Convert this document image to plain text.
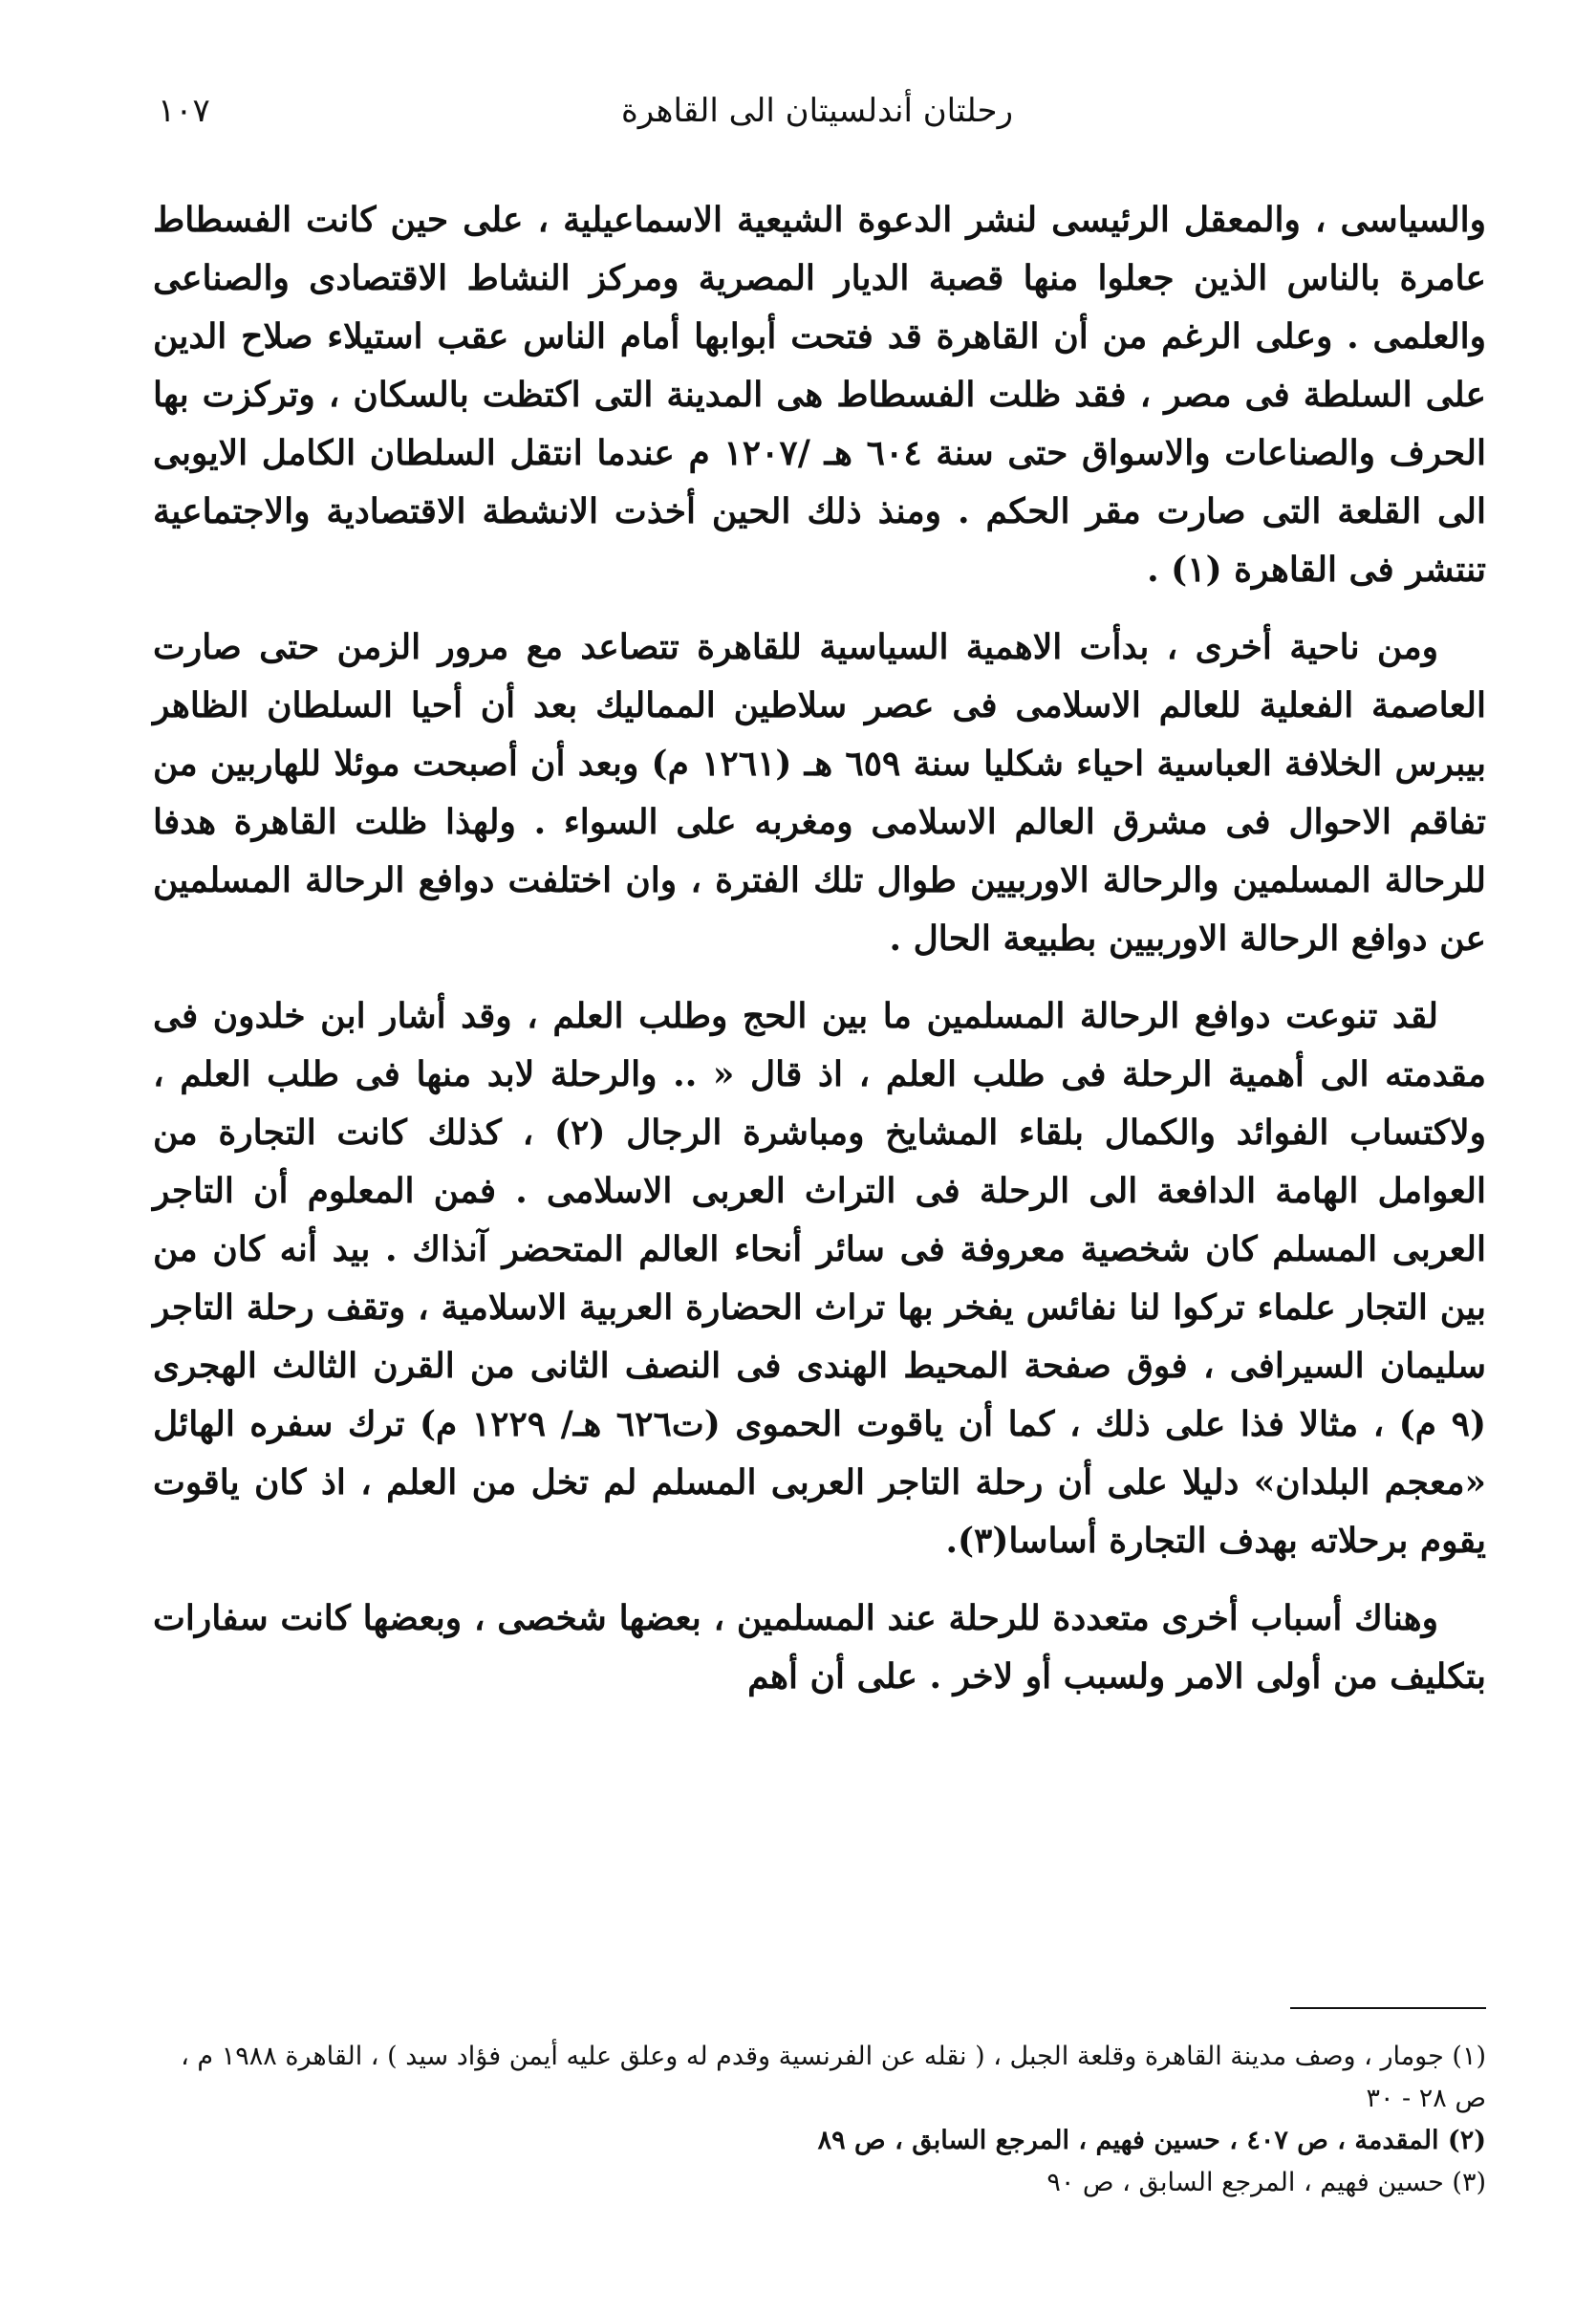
رحلتان أندلسيتان الى القاهرة
١٠٧

والسياسى ، والمعقل الرئيسى لنشر الدعوة الشيعية الاسماعيلية ، على حين كانت الفسطاط عامرة بالناس الذين جعلوا منها قصبة الديار المصرية ومركز النشاط الاقتصادى والصناعى والعلمى . وعلى الرغم من أن القاهرة قد فتحت أبوابها أمام الناس عقب استيلاء صلاح الدين على السلطة فى مصر ، فقد ظلت الفسطاط هى المدينة التى اكتظت بالسكان ، وتركزت بها الحرف والصناعات والاسواق حتى سنة ٦٠٤ هـ /١٢٠٧ م عندما انتقل السلطان الكامل الايوبى الى القلعة التى صارت مقر الحكم . ومنذ ذلك الحين أخذت الانشطة الاقتصادية والاجتماعية تنتشر فى القاهرة (١) .

ومن ناحية أخرى ، بدأت الاهمية السياسية للقاهرة تتصاعد مع مرور الزمن حتى صارت العاصمة الفعلية للعالم الاسلامى فى عصر سلاطين المماليك بعد أن أحيا السلطان الظاهر بيبرس الخلافة العباسية احياء شكليا سنة ٦٥٩ هـ (١٢٦١ م) وبعد أن أصبحت موئلا للهاربين من تفاقم الاحوال فى مشرق العالم الاسلامى ومغربه على السواء . ولهذا ظلت القاهرة هدفا للرحالة المسلمين والرحالة الاوربيين طوال تلك الفترة ، وان اختلفت دوافع الرحالة المسلمين عن دوافع الرحالة الاوربيين بطبيعة الحال .

لقد تنوعت دوافع الرحالة المسلمين ما بين الحج وطلب العلم ، وقد أشار ابن خلدون فى مقدمته الى أهمية الرحلة فى طلب العلم ، اذ قال « .. والرحلة لابد منها فى طلب العلم ، ولاكتساب الفوائد والكمال بلقاء المشايخ ومباشرة الرجال (٢) ، كذلك كانت التجارة من العوامل الهامة الدافعة الى الرحلة فى التراث العربى الاسلامى . فمن المعلوم أن التاجر العربى المسلم كان شخصية معروفة فى سائر أنحاء العالم المتحضر آنذاك . بيد أنه كان من بين التجار علماء تركوا لنا نفائس يفخر بها تراث الحضارة العربية الاسلامية ، وتقف رحلة التاجر سليمان السيرافى ، فوق صفحة المحيط الهندى فى النصف الثانى من القرن الثالث الهجرى (٩ م) ، مثالا فذا على ذلك ، كما أن ياقوت الحموى (ت٦٢٦ هـ/ ١٢٢٩ م) ترك سفره الهائل «معجم البلدان» دليلا على أن رحلة التاجر العربى المسلم لم تخل من العلم ، اذ كان ياقوت يقوم برحلاته بهدف التجارة أساسا(٣).

وهناك أسباب أخرى متعددة للرحلة عند المسلمين ، بعضها شخصى ، وبعضها كانت سفارات بتكليف من أولى الامر ولسبب أو لاخر . على أن أهم

(١) جومار ، وصف مدينة القاهرة وقلعة الجبل ، ( نقله عن الفرنسية وقدم له وعلق عليه أيمن فؤاد سيد ) ، القاهرة ١٩٨٨ م ، ص ٢٨ - ٣٠

(٢) المقدمة ، ص ٤٠٧ ، حسين فهيم ، المرجع السابق ، ص ٨٩

(٣) حسين فهيم ، المرجع السابق ، ص ٩٠
